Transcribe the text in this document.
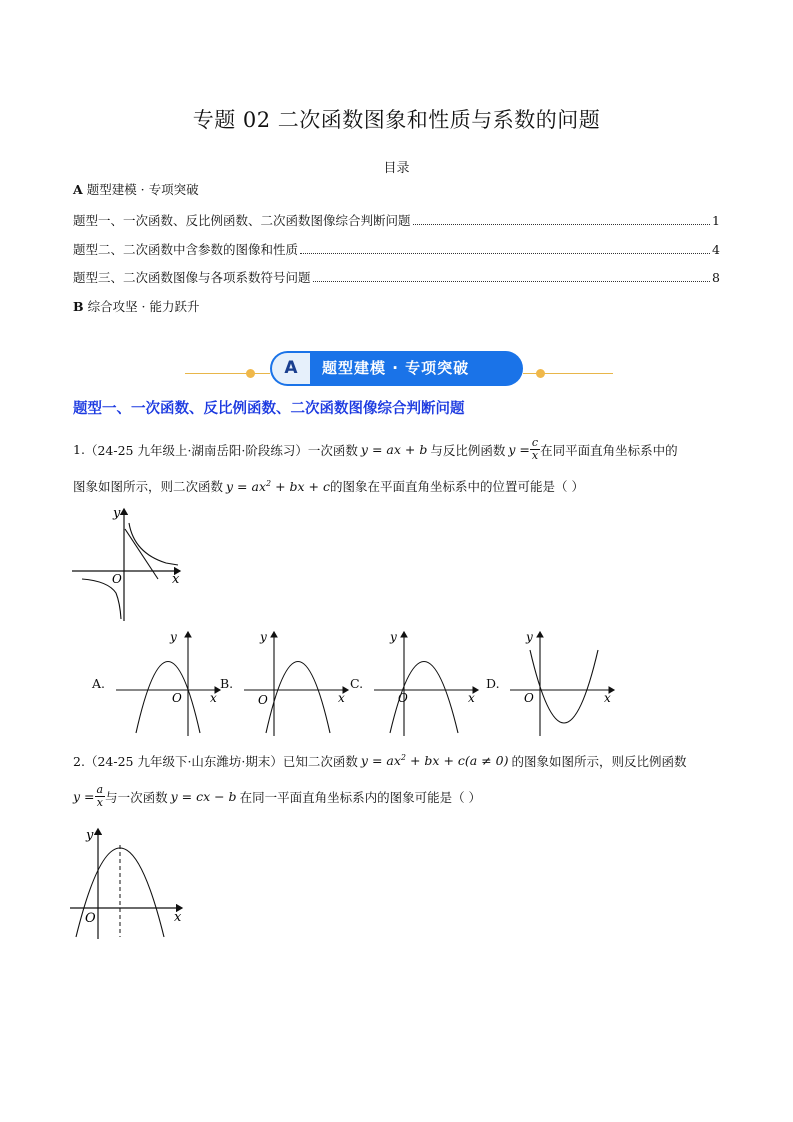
专题 02 二次函数图象和性质与系数的问题
目录
A 题型建模 · 专项突破
题型一、一次函数、反比例函数、二次函数图像综合判断问题	1
题型二、二次函数中含参数的图像和性质	4
题型三、二次函数图像与各项系数符号问题	8
B 综合攻坚 · 能力跃升
A	题型建模 · 专项突破
题型一、一次函数、反比例函数、二次函数图像综合判断问题
1. （24-25 九年级上·湖南岳阳·阶段练习） 一次函数 y = ax + b 与反比例函数 $y = \frac{c}{x}$ 在同平面直角坐标系中的
图象如图所示，则二次函数 $y = ax^2$ + bx + c的图象在平面直角坐标系中的位置可能是（ ）
y
x
O
A.
y
x
O
B.
y
x
O
C.
y
x
O
D.
y
x
O
2. （24-25 九年级下·山东潍坊·期末） 已知二次函数 $y = ax^2$ + bx + c(a ≠ 0) 的图象如图所示，则反比例函数
$y = \frac{a}{x}$ 与一次函数 y = cx − b 在同一平面直角坐标系内的图象可能是（ ）
y
x
O
